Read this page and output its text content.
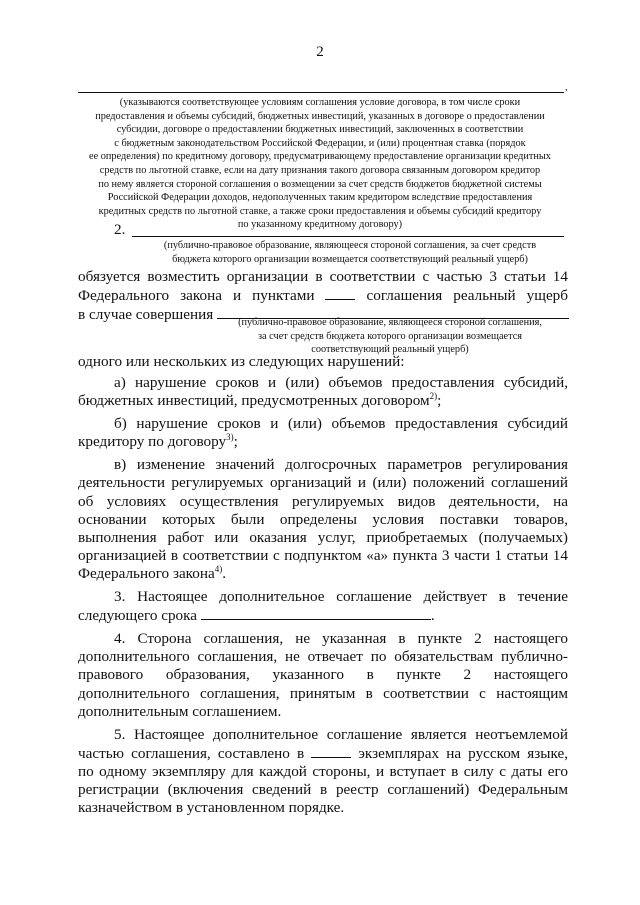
2
,
(указываются соответствующее условиям соглашения условие договора, в том числе сроки
предоставления и объемы субсидий, бюджетных инвестиций, указанных в договоре о предоставлении
субсидии, договоре о предоставлении бюджетных инвестиций, заключенных в соответствии
с бюджетным законодательством Российской Федерации, и (или) процентная ставка (порядок
ее определения) по кредитному договору, предусматривающему предоставление организации кредитных
средств по льготной ставке, если на дату признания такого договора связанным договором кредитор
по нему является стороной соглашения о возмещении за счет средств бюджетов бюджетной системы
Российской Федерации доходов, недополученных таким кредитором вследствие предоставления
кредитных средств по льготной ставке, а также сроки предоставления и объемы субсидий кредитору
по указанному кредитному договору)
2.
(публично-правовое образование, являющееся стороной соглашения, за счет средств
бюджета которого организации возмещается соответствующий реальный ущерб)
обязуется возместить организации в соответствии с частью 3 статьи 14
Федерального закона и пунктами	соглашения реальный ущерб
в случае совершения	(публично-правовое образование, являющееся стороной соглашения,
за счет средств бюджета которого организации возмещается
соответствующий реальный ущерб)
одного или нескольких из следующих нарушений:
а) нарушение сроков и (или) объемов предоставления субсидий, бюджетных инвестиций, предусмотренных договором$^{2)}$;
б) нарушение сроков и (или) объемов предоставления субсидий кредитору по договору$^{3)}$;
в) изменение значений долгосрочных параметров регулирования деятельности регулируемых организаций и (или) положений соглашений об условиях осуществления регулируемых видов деятельности, на основании которых были определены условия поставки товаров, выполнения работ или оказания услуг, приобретаемых (получаемых) организацией в соответствии с подпунктом «а» пункта 3 части 1 статьи 14 Федерального закона$^{4)}$.
3. Настоящее дополнительное соглашение действует в течение
следующего срока	.
4. Сторона соглашения, не указанная в пункте 2 настоящего дополнительного соглашения, не отвечает по обязательствам публично-правового образования, указанного в пункте 2 настоящего дополнительного соглашения, принятым в соответствии с настоящим дополнительным соглашением.
5. Настоящее дополнительное соглашение является неотъемлемой
частью соглашения, составлено в	экземплярах на русском языке,
по одному экземпляру для каждой стороны, и вступает в силу с даты его регистрации (включения сведений в реестр соглашений) Федеральным казначейством в установленном порядке.
